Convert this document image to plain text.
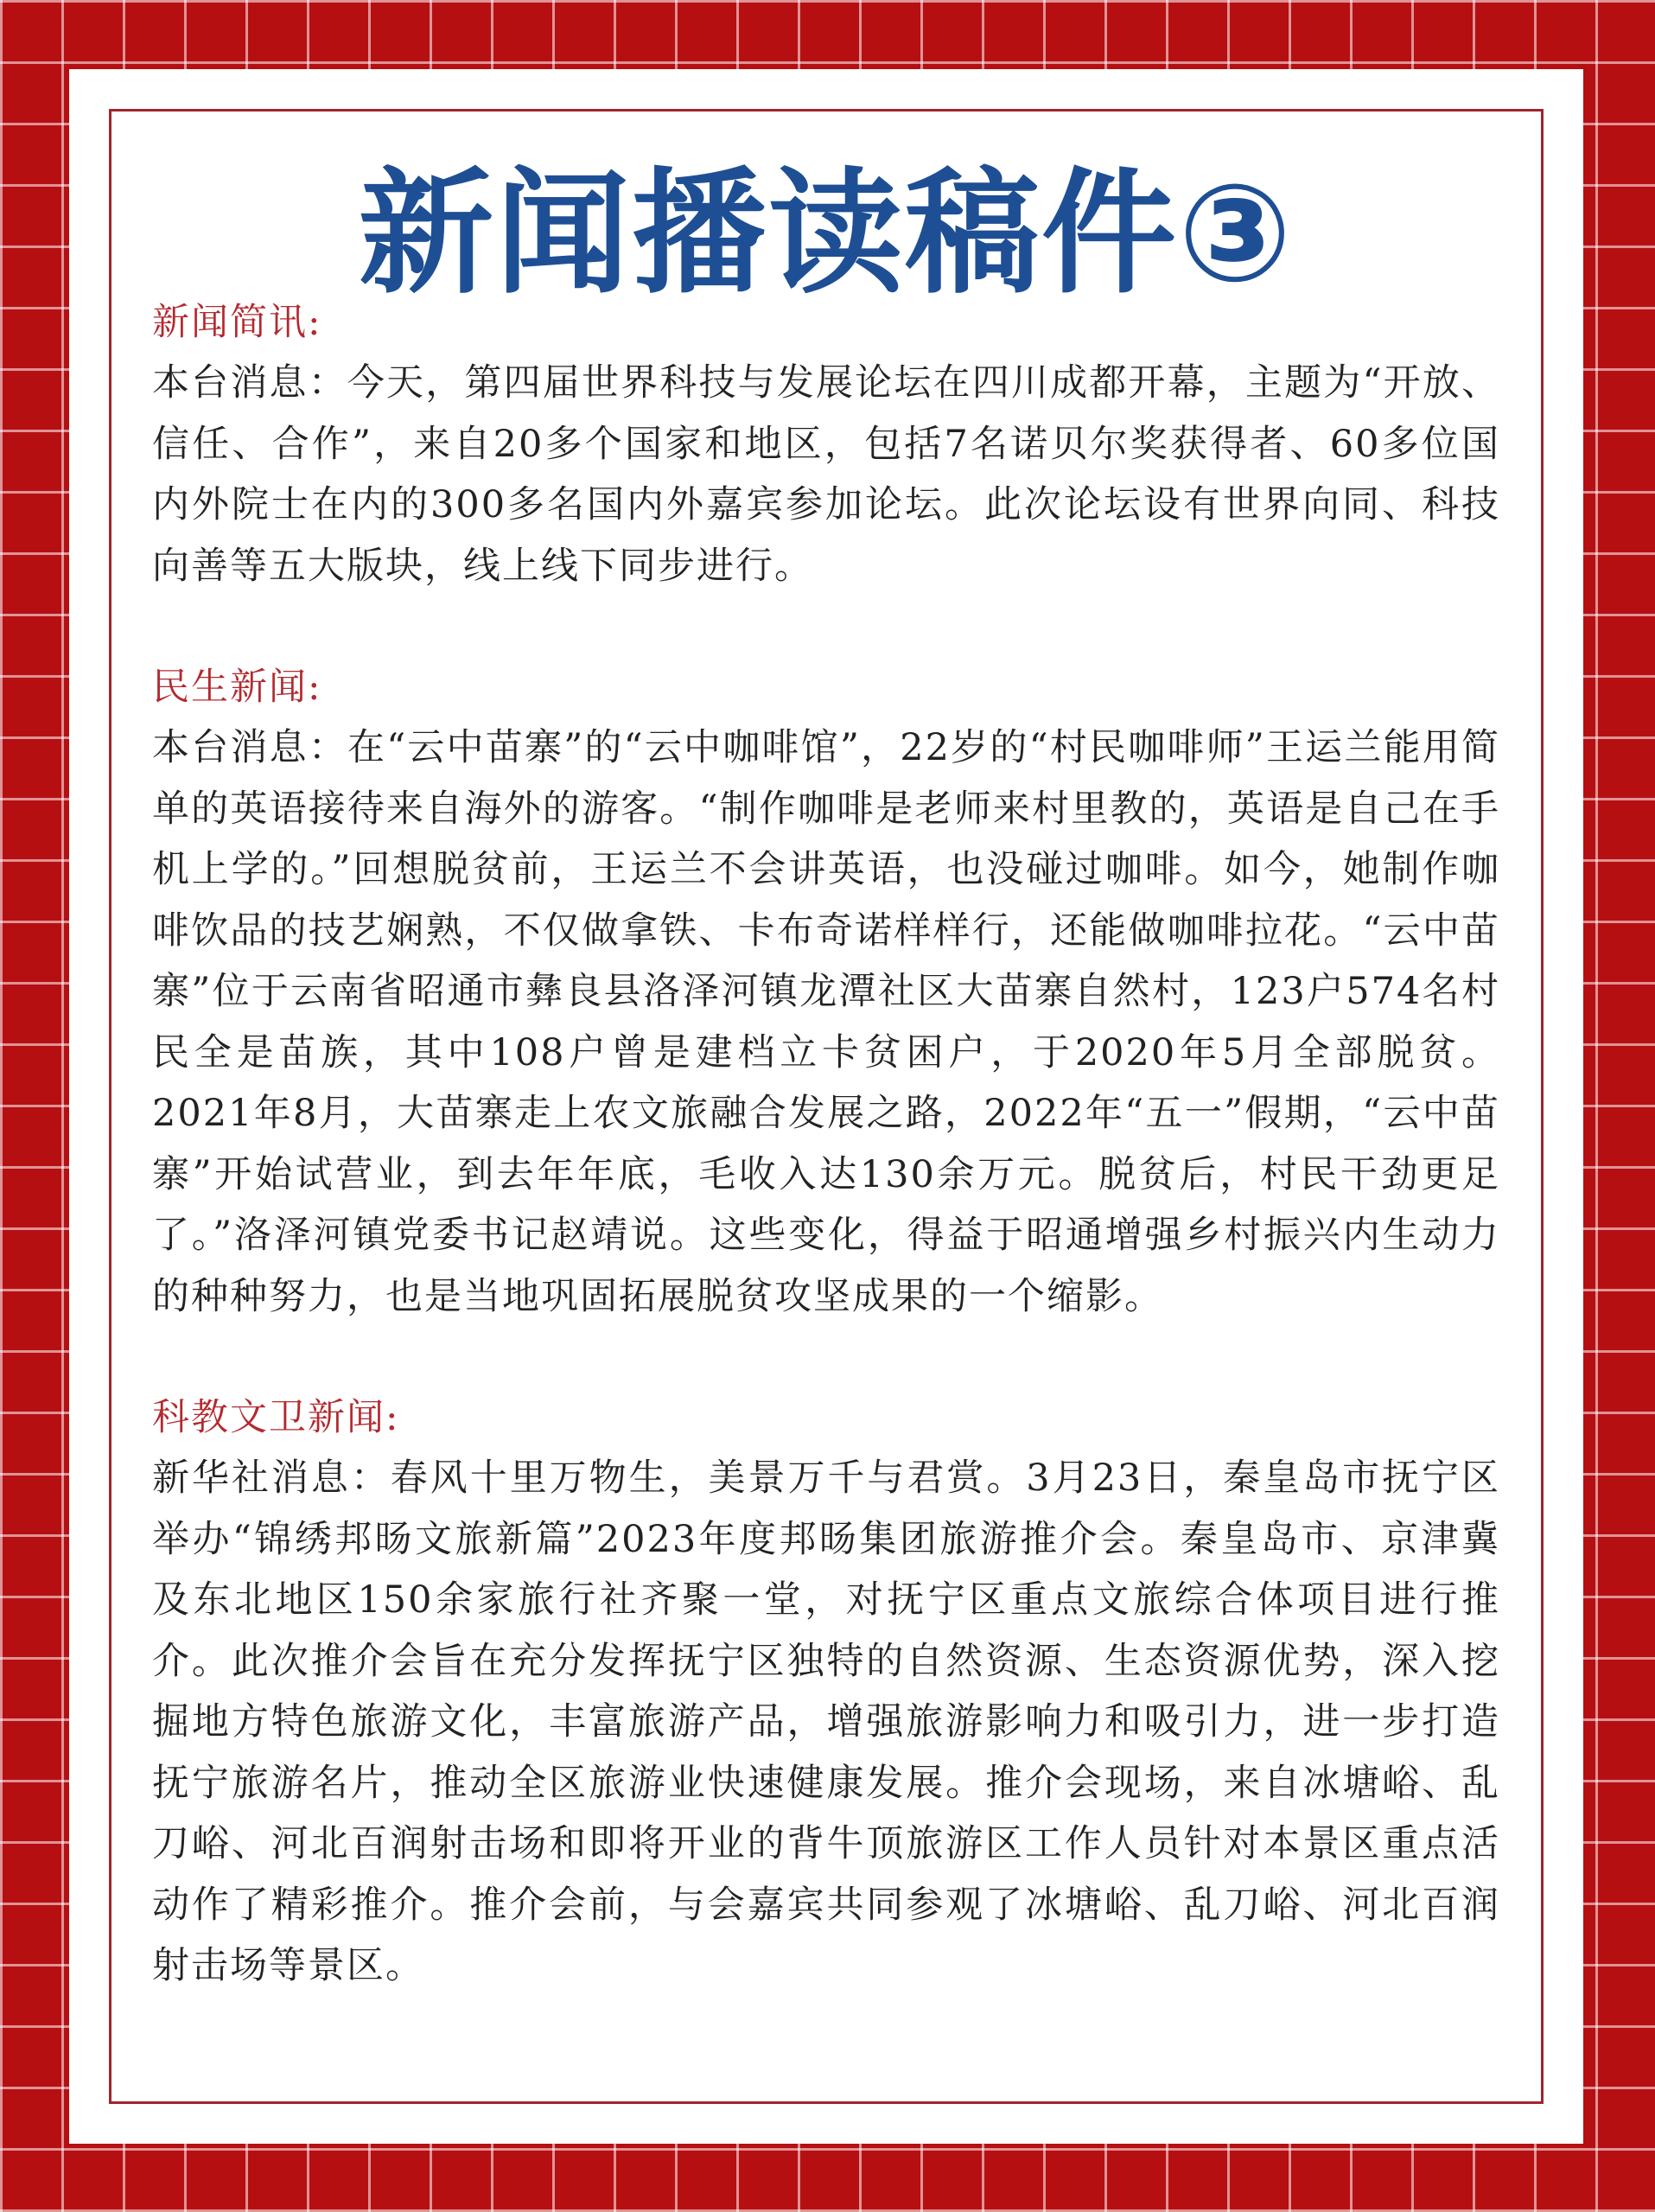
新闻播读稿件③

新闻简讯:

本台消息：今天，第四届世界科技与发展论坛在四川成都开幕，主题为“开放、信任、合作”，来自20多个国家和地区，包括7名诺贝尔奖获得者、60多位国内外院士在内的300多名国内外嘉宾参加论坛。此次论坛设有世界向同、科技向善等五大版块，线上线下同步进行。

民生新闻:

本台消息：在“云中苗寨”的“云中咖啡馆”，22岁的“村民咖啡师”王运兰能用简单的英语接待来自海外的游客。“制作咖啡是老师来村里教的，英语是自己在手机上学的。”回想脱贫前，王运兰不会讲英语，也没碰过咖啡。如今，她制作咖啡饮品的技艺娴熟，不仅做拿铁、卡布奇诺样样行，还能做咖啡拉花。“云中苗寨”位于云南省昭通市彝良县洛泽河镇龙潭社区大苗寨自然村，123户574名村民全是苗族，其中108户曾是建档立卡贫困户，于2020年5月全部脱贫。2021年8月，大苗寨走上农文旅融合发展之路，2022年“五一”假期，“云中苗寨”开始试营业，到去年年底，毛收入达130余万元。脱贫后，村民干劲更足了。”洛泽河镇党委书记赵靖说。这些变化，得益于昭通增强乡村振兴内生动力的种种努力，也是当地巩固拓展脱贫攻坚成果的一个缩影。

科教文卫新闻:

新华社消息：春风十里万物生，美景万千与君赏。3月23日，秦皇岛市抚宁区举办“锦绣邦旸文旅新篇”2023年度邦旸集团旅游推介会。秦皇岛市、京津冀及东北地区150余家旅行社齐聚一堂，对抚宁区重点文旅综合体项目进行推介。此次推介会旨在充分发挥抚宁区独特的自然资源、生态资源优势，深入挖掘地方特色旅游文化，丰富旅游产品，增强旅游影响力和吸引力，进一步打造抚宁旅游名片，推动全区旅游业快速健康发展。推介会现场，来自冰塘峪、乱刀峪、河北百润射击场和即将开业的背牛顶旅游区工作人员针对本景区重点活动作了精彩推介。推介会前，与会嘉宾共同参观了冰塘峪、乱刀峪、河北百润射击场等景区。
